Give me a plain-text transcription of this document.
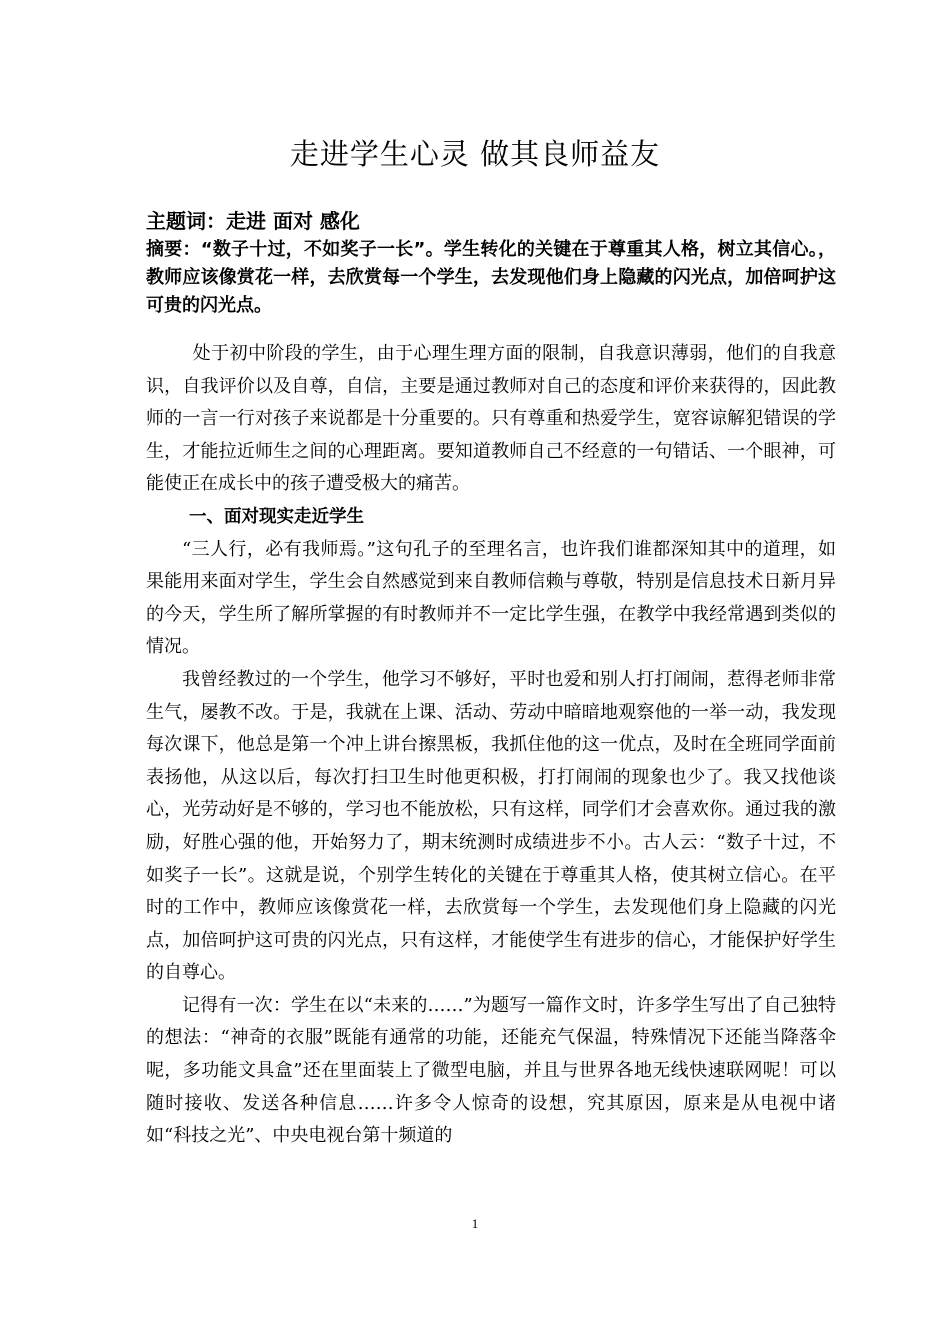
走进学生心灵 做其良师益友
主题词：走进 面对 感化
摘要：“数子十过，不如奖子一长”。学生转化的关键在于尊重其人格，树立其信心。，教师应该像赏花一样，去欣赏每一个学生，去发现他们身上隐藏的闪光点，加倍呵护这可贵的闪光点。

处于初中阶段的学生，由于心理生理方面的限制，自我意识薄弱，他们的自我意识，自我评价以及自尊，自信，主要是通过教师对自己的态度和评价来获得的，因此教师的一言一行对孩子来说都是十分重要的。只有尊重和热爱学生，宽容谅解犯错误的学生，才能拉近师生之间的心理距离。要知道教师自己不经意的一句错话、一个眼神，可能使正在成长中的孩子遭受极大的痛苦。

一、面对现实走近学生

“三人行，必有我师焉。”这句孔子的至理名言，也许我们谁都深知其中的道理，如果能用来面对学生，学生会自然感觉到来自教师信赖与尊敬，特别是信息技术日新月异的今天，学生所了解所掌握的有时教师并不一定比学生强，在教学中我经常遇到类似的情况。

我曾经教过的一个学生，他学习不够好，平时也爱和别人打打闹闹，惹得老师非常生气，屡教不改。于是，我就在上课、活动、劳动中暗暗地观察他的一举一动，我发现每次课下，他总是第一个冲上讲台擦黑板，我抓住他的这一优点，及时在全班同学面前表扬他，从这以后，每次打扫卫生时他更积极，打打闹闹的现象也少了。我又找他谈心，光劳动好是不够的，学习也不能放松，只有这样，同学们才会喜欢你。通过我的激励，好胜心强的他，开始努力了，期末统测时成绩进步不小。古人云：“数子十过，不如奖子一长”。这就是说，个别学生转化的关键在于尊重其人格，使其树立信心。在平时的工作中，教师应该像赏花一样，去欣赏每一个学生，去发现他们身上隐藏的闪光点，加倍呵护这可贵的闪光点，只有这样，才能使学生有进步的信心，才能保护好学生的自尊心。

记得有一次：学生在以“未来的……”为题写一篇作文时，许多学生写出了自己独特的想法：“神奇的衣服”既能有通常的功能，还能充气保温，特殊情况下还能当降落伞呢，多功能文具盒”还在里面装上了微型电脑，并且与世界各地无线快速联网呢！可以随时接收、发送各种信息……许多令人惊奇的设想，究其原因，原来是从电视中诸如“科技之光”、中央电视台第十频道的

1
